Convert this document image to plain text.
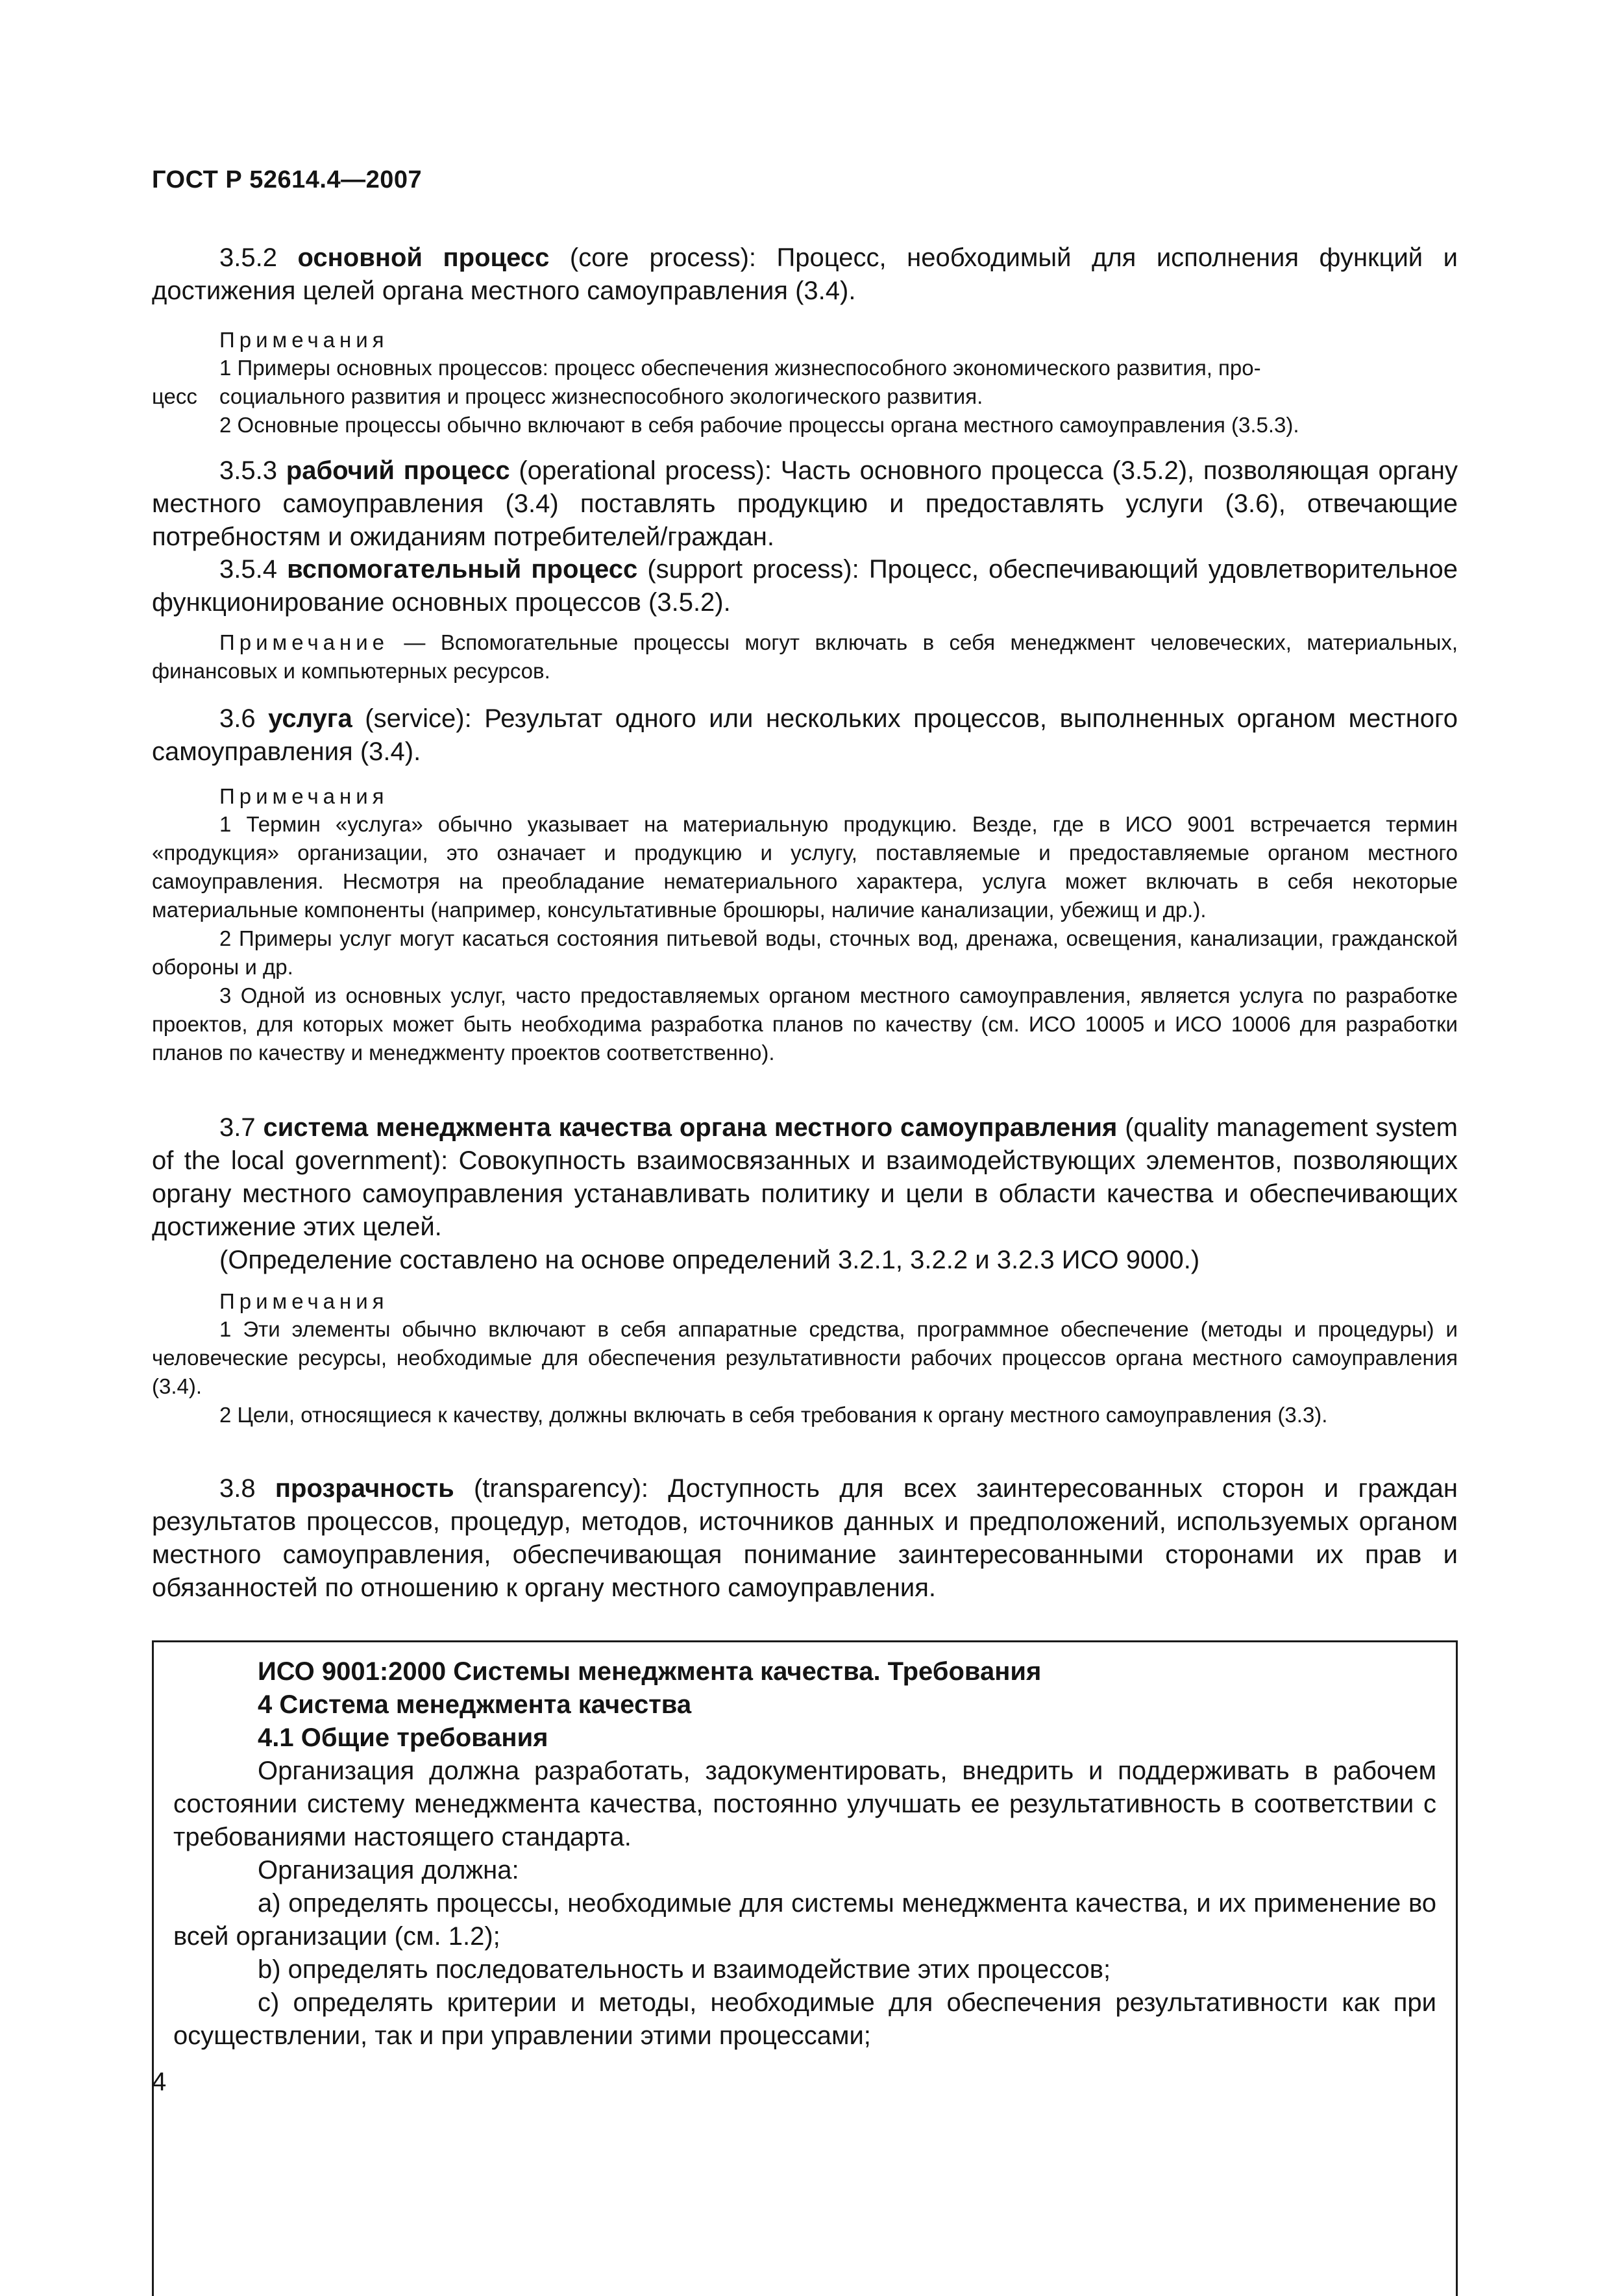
ГОСТ Р 52614.4—2007

3.5.2 основной процесс (core process): Процесс, необходимый для исполнения функций и достижения целей органа местного самоуправления (3.4).

Примечания

1 Примеры основных процессов: процесс обеспечения жизнеспособного экономического развития, про-

цесс	социального развития и процесс жизнеспособного экологического развития.

2 Основные процессы обычно включают в себя рабочие процессы органа местного самоуправления (3.5.3).

3.5.3 рабочий процесс (operational process): Часть основного процесса (3.5.2), позволяющая органу местного самоуправления (3.4) поставлять продукцию и предоставлять услуги (3.6), отвечающие потребностям и ожиданиям потребителей/граждан.

3.5.4 вспомогательный процесс (support process): Процесс, обеспечивающий удовлетворительное функционирование основных процессов (3.5.2).

Примечание — Вспомогательные процессы могут включать в себя менеджмент человеческих, материальных, финансовых и компьютерных ресурсов.

3.6 услуга (service): Результат одного или нескольких процессов, выполненных органом местного самоуправления (3.4).

Примечания

1 Термин «услуга» обычно указывает на материальную продукцию. Везде, где в ИСО 9001 встречается термин «продукция» организации, это означает и продукцию и услугу, поставляемые и предоставляемые органом местного самоуправления. Несмотря на преобладание нематериального характера, услуга может включать в себя некоторые материальные компоненты (например, консультативные брошюры, наличие канализации, убежищ и др.).

2 Примеры услуг могут касаться состояния питьевой воды, сточных вод, дренажа, освещения, канализации, гражданской обороны и др.

3 Одной из основных услуг, часто предоставляемых органом местного самоуправления, является услуга по разработке проектов, для которых может быть необходима разработка планов по качеству (см. ИСО 10005 и ИСО 10006 для разработки планов по качеству и менеджменту проектов соответственно).

3.7 система менеджмента качества органа местного самоуправления (quality management system of the local government): Совокупность взаимосвязанных и взаимодействующих элементов, позволяющих органу местного самоуправления устанавливать политику и цели в области качества и обеспечивающих достижение этих целей.

(Определение составлено на основе определений 3.2.1, 3.2.2 и 3.2.3 ИСО 9000.)

Примечания

1 Эти элементы обычно включают в себя аппаратные средства, программное обеспечение (методы и процедуры) и человеческие ресурсы, необходимые для обеспечения результативности рабочих процессов органа местного самоуправления (3.4).

2 Цели, относящиеся к качеству, должны включать в себя требования к органу местного самоуправления (3.3).

3.8 прозрачность (transparency): Доступность для всех заинтересованных сторон и граждан результатов процессов, процедур, методов, источников данных и предположений, используемых органом местного самоуправления, обеспечивающая понимание заинтересованными сторонами их прав и обязанностей по отношению к органу местного самоуправления.

ИСО 9001:2000 Системы менеджмента качества. Требования

4 Система менеджмента качества

4.1 Общие требования

Организация должна разработать, задокументировать, внедрить и поддерживать в рабочем состоянии систему менеджмента качества, постоянно улучшать ее результативность в соответствии с требованиями настоящего стандарта.

Организация должна:

а) определять процессы, необходимые для системы менеджмента качества, и их применение во всей организации (см. 1.2);

b) определять последовательность и взаимодействие этих процессов;

c) определять критерии и методы, необходимые для обеспечения результативности как при осуществлении, так и при управлении этими процессами;

4
